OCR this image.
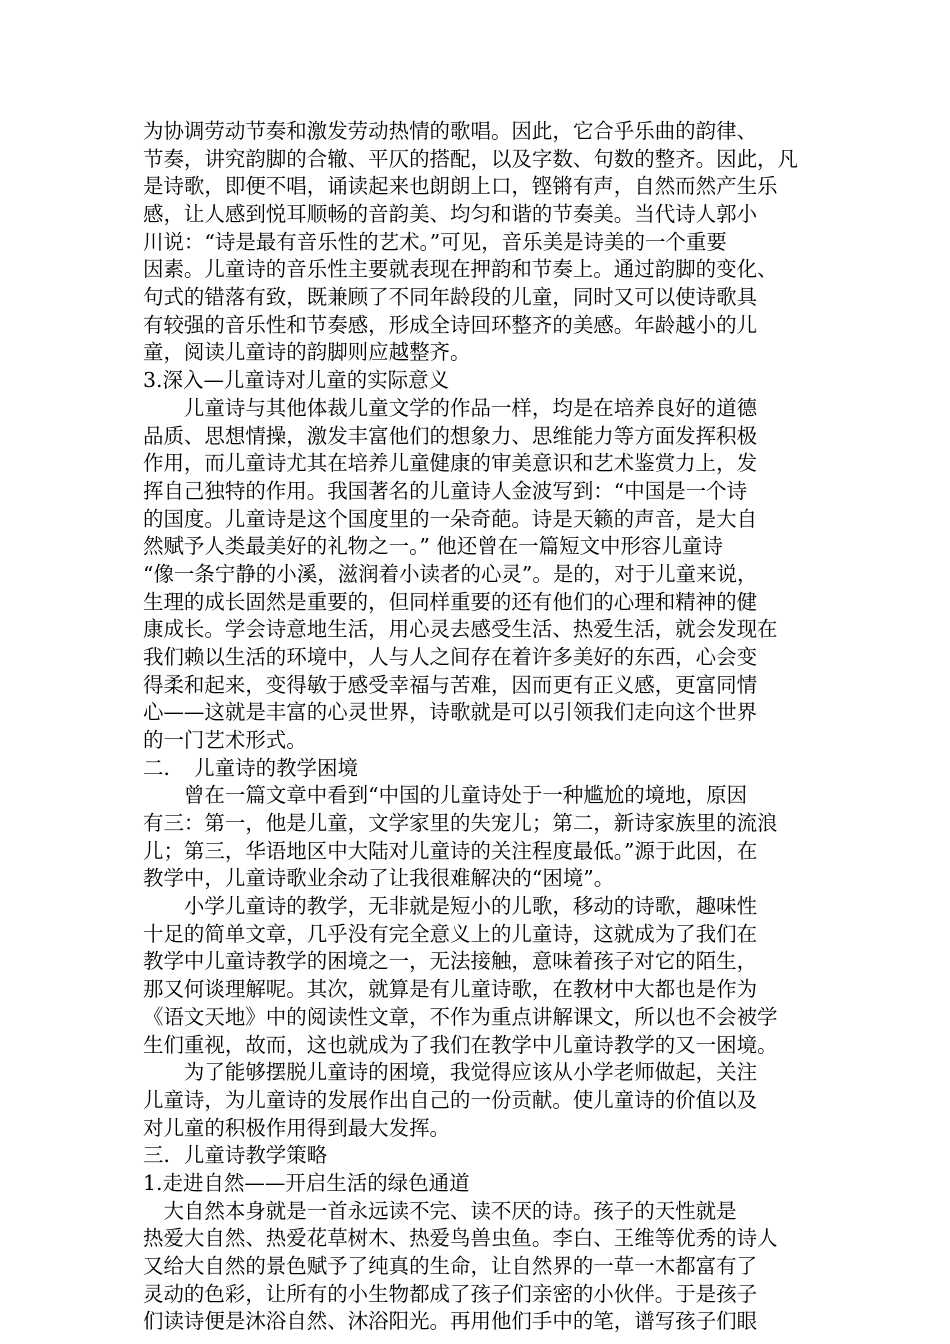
为协调劳动节奏和激发劳动热情的歌唱。因此，它合乎乐曲的韵律、
节奏，讲究韵脚的合辙、平仄的搭配，以及字数、句数的整齐。因此，凡
是诗歌，即便不唱，诵读起来也朗朗上口，铿锵有声，自然而然产生乐
感，让人感到悦耳顺畅的音韵美、均匀和谐的节奏美。当代诗人郭小
川说：“诗是最有音乐性的艺术。”可见，音乐美是诗美的一个重要
因素。儿童诗的音乐性主要就表现在押韵和节奏上。通过韵脚的变化、
句式的错落有致，既兼顾了不同年龄段的儿童，同时又可以使诗歌具
有较强的音乐性和节奏感，形成全诗回环整齐的美感。年龄越小的儿
童，阅读儿童诗的韵脚则应越整齐。
3.深入—儿童诗对儿童的实际意义
　　儿童诗与其他体裁儿童文学的作品一样，均是在培养良好的道德
品质、思想情操，激发丰富他们的想象力、思维能力等方面发挥积极
作用，而儿童诗尤其在培养儿童健康的审美意识和艺术鉴赏力上，发
挥自己独特的作用。我国著名的儿童诗人金波写到：“中国是一个诗
的国度。儿童诗是这个国度里的一朵奇葩。诗是天籁的声音，是大自
然赋予人类最美好的礼物之一。” 他还曾在一篇短文中形容儿童诗
“像一条宁静的小溪，滋润着小读者的心灵”。是的，对于儿童来说，
生理的成长固然是重要的，但同样重要的还有他们的心理和精神的健
康成长。学会诗意地生活，用心灵去感受生活、热爱生活，就会发现在
我们赖以生活的环境中，人与人之间存在着许多美好的东西，心会变
得柔和起来，变得敏于感受幸福与苦难，因而更有正义感，更富同情
心——这就是丰富的心灵世界，诗歌就是可以引领我们走向这个世界
的一门艺术形式。
二．　儿童诗的教学困境
　　曾在一篇文章中看到“中国的儿童诗处于一种尴尬的境地，原因
有三：第一，他是儿童，文学家里的失宠儿；第二，新诗家族里的流浪
儿；第三，华语地区中大陆对儿童诗的关注程度最低。”源于此因，在
教学中，儿童诗歌业余动了让我很难解决的“困境”。
　　小学儿童诗的教学，无非就是短小的儿歌，移动的诗歌，趣味性
十足的简单文章，几乎没有完全意义上的儿童诗，这就成为了我们在
教学中儿童诗教学的困境之一，无法接触，意味着孩子对它的陌生，
那又何谈理解呢。其次，就算是有儿童诗歌，在教材中大都也是作为
《语文天地》中的阅读性文章，不作为重点讲解课文，所以也不会被学
生们重视，故而，这也就成为了我们在教学中儿童诗教学的又一困境。
　　为了能够摆脱儿童诗的困境，我觉得应该从小学老师做起，关注
儿童诗，为儿童诗的发展作出自己的一份贡献。使儿童诗的价值以及
对儿童的积极作用得到最大发挥。
三．儿童诗教学策略
1.走进自然——开启生活的绿色通道
　大自然本身就是一首永远读不完、读不厌的诗。孩子的天性就是
热爱大自然、热爱花草树木、热爱鸟兽虫鱼。李白、王维等优秀的诗人
又给大自然的景色赋予了纯真的生命，让自然界的一草一木都富有了
灵动的色彩，让所有的小生物都成了孩子们亲密的小伙伴。于是孩子
们读诗便是沐浴自然、沐浴阳光。再用他们手中的笔，谱写孩子们眼
